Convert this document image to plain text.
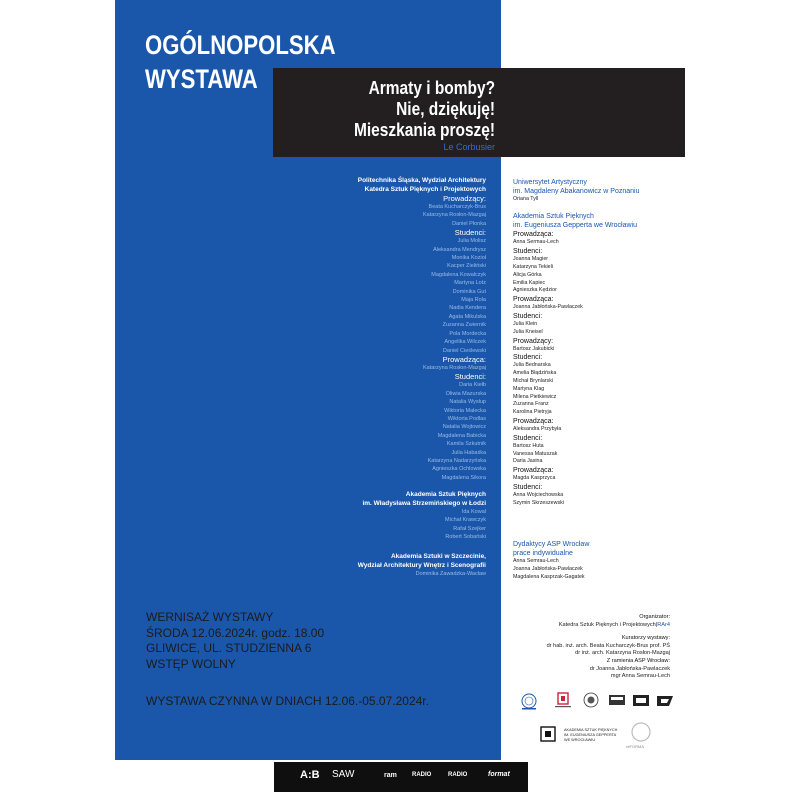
OGÓLNOPOLSKA
WYSTAWA	Armaty i bomby?
Nie, dziękuję!
Mieszkania proszę!
Le Corbusier
Politechnika Śląska, Wydział Architektury
Katedra Sztuk Pięknych i Projektowych
Prowadzący:
Beata Kucharczyk-Brus
Katarzyna Rosłon-Mazgaj
Daniel Płonka
Studenci:
Julia Molisz
Aleksandra Mendrysz
Monika Kozioł
Kacper Zieliński
Magdalena Kowalczyk
Martyna Lotz
Dominika Gut
Maja Rola
Nadia Kendera
Agata Mikulska
Zuzanna Zwiernik
Pola Mordecka
Angelika Wilczek
Daniel Cieślewski
Prowadząca:
Katarzyna Rosłon-Mazgaj
Studenci:
Daria Kiełb
Oliwia Mazurska
Natalia Wysłup
Wiktoria Malecka
Wiktoria Podlas
Natalia Wojtowicz
Magdalena Babicka
Kamila Szkutnik
Julia Habaśka
Katarzyna Nadarzyńska
Agnieszka Ochlowska
Magdalena Sikora
Akademia Sztuk Pięknych
im. Władysława Strzemińskiego w Łodzi
Ida Kowal
Michał Krawczyk
Rafał Szejker
Robert Sobański
Akademia Sztuki w Szczecinie,
Wydział Architektury Wnętrz i Scenografii
Dominika Zawadzka-Wacław
Uniwersytet Artystyczny
im. Magdaleny Abakanowicz w Poznaniu
Oriana Tyll
Akademia Sztuk Pięknych
im. Eugeniusza Gepperta we Wrocławiu
Prowadząca:
Anna Sermau-Lech
Studenci:
Joanna Magier
Katarzyna Tekieli
Alicja Górka
Emilia Kapiec
Agnieszka Kędzior
Prowadząca:
Joanna Jabłońska-Pawlaczek
Studenci:
Julia Klein
Julia Kneisel
Prowadzący:
Bartosz Jakubicki
Studenci:
Julia Bednarska
Amelia Błądzińska
Michał Brynlarski
Martyna Klag
Milena Pietkiewicz
Zuzanna Franz
Karolina Pietryja
Prowadząca:
Aleksandra Przybyła
Studenci:
Bartosz Huta
Vanessa Matuszak
Daria Jasina
Prowadząca:
Magda Kasprzyca
Studenci:
Anna Wojciechowska
Szymin Skrzeszewski
Dydaktycy ASP Wrocław
prace indywidualne
Anna Semrau-Lech
Joanna Jabłońska-Pawlaczek
Magdalena Kasprzak-Gagatek
WERNISAŻ WYSTAWY
ŚRODA 12.06.2024r. godz. 18.00
GLIWICE, UL. STUDZIENNA 6
WSTĘP WOLNY
WYSTAWA CZYNNA W DNIACH 12.06.-05.07.2024r.
Organizator:
Katedra Sztuk Pięknych i Projektowych|RAr4
Kuratorzy wystawy:
dr hab. inż. arch. Beata Kucharczyk-Brus prof. PŚ
dr inż. arch. Katarzyna Rosłon-Mazgaj
Z ramienia ASP Wrocław:
dr Joanna Jabłońska-Pawlaczek
mgr Anna Semrau-Lech
AKADEMIA SZTUK PIĘKNYCH
IM. EUGENIUSZA GEPPERTA
WE WROCŁAWIU
reFORMA
A:B SAW	ram	RADIO	RADIO	format
